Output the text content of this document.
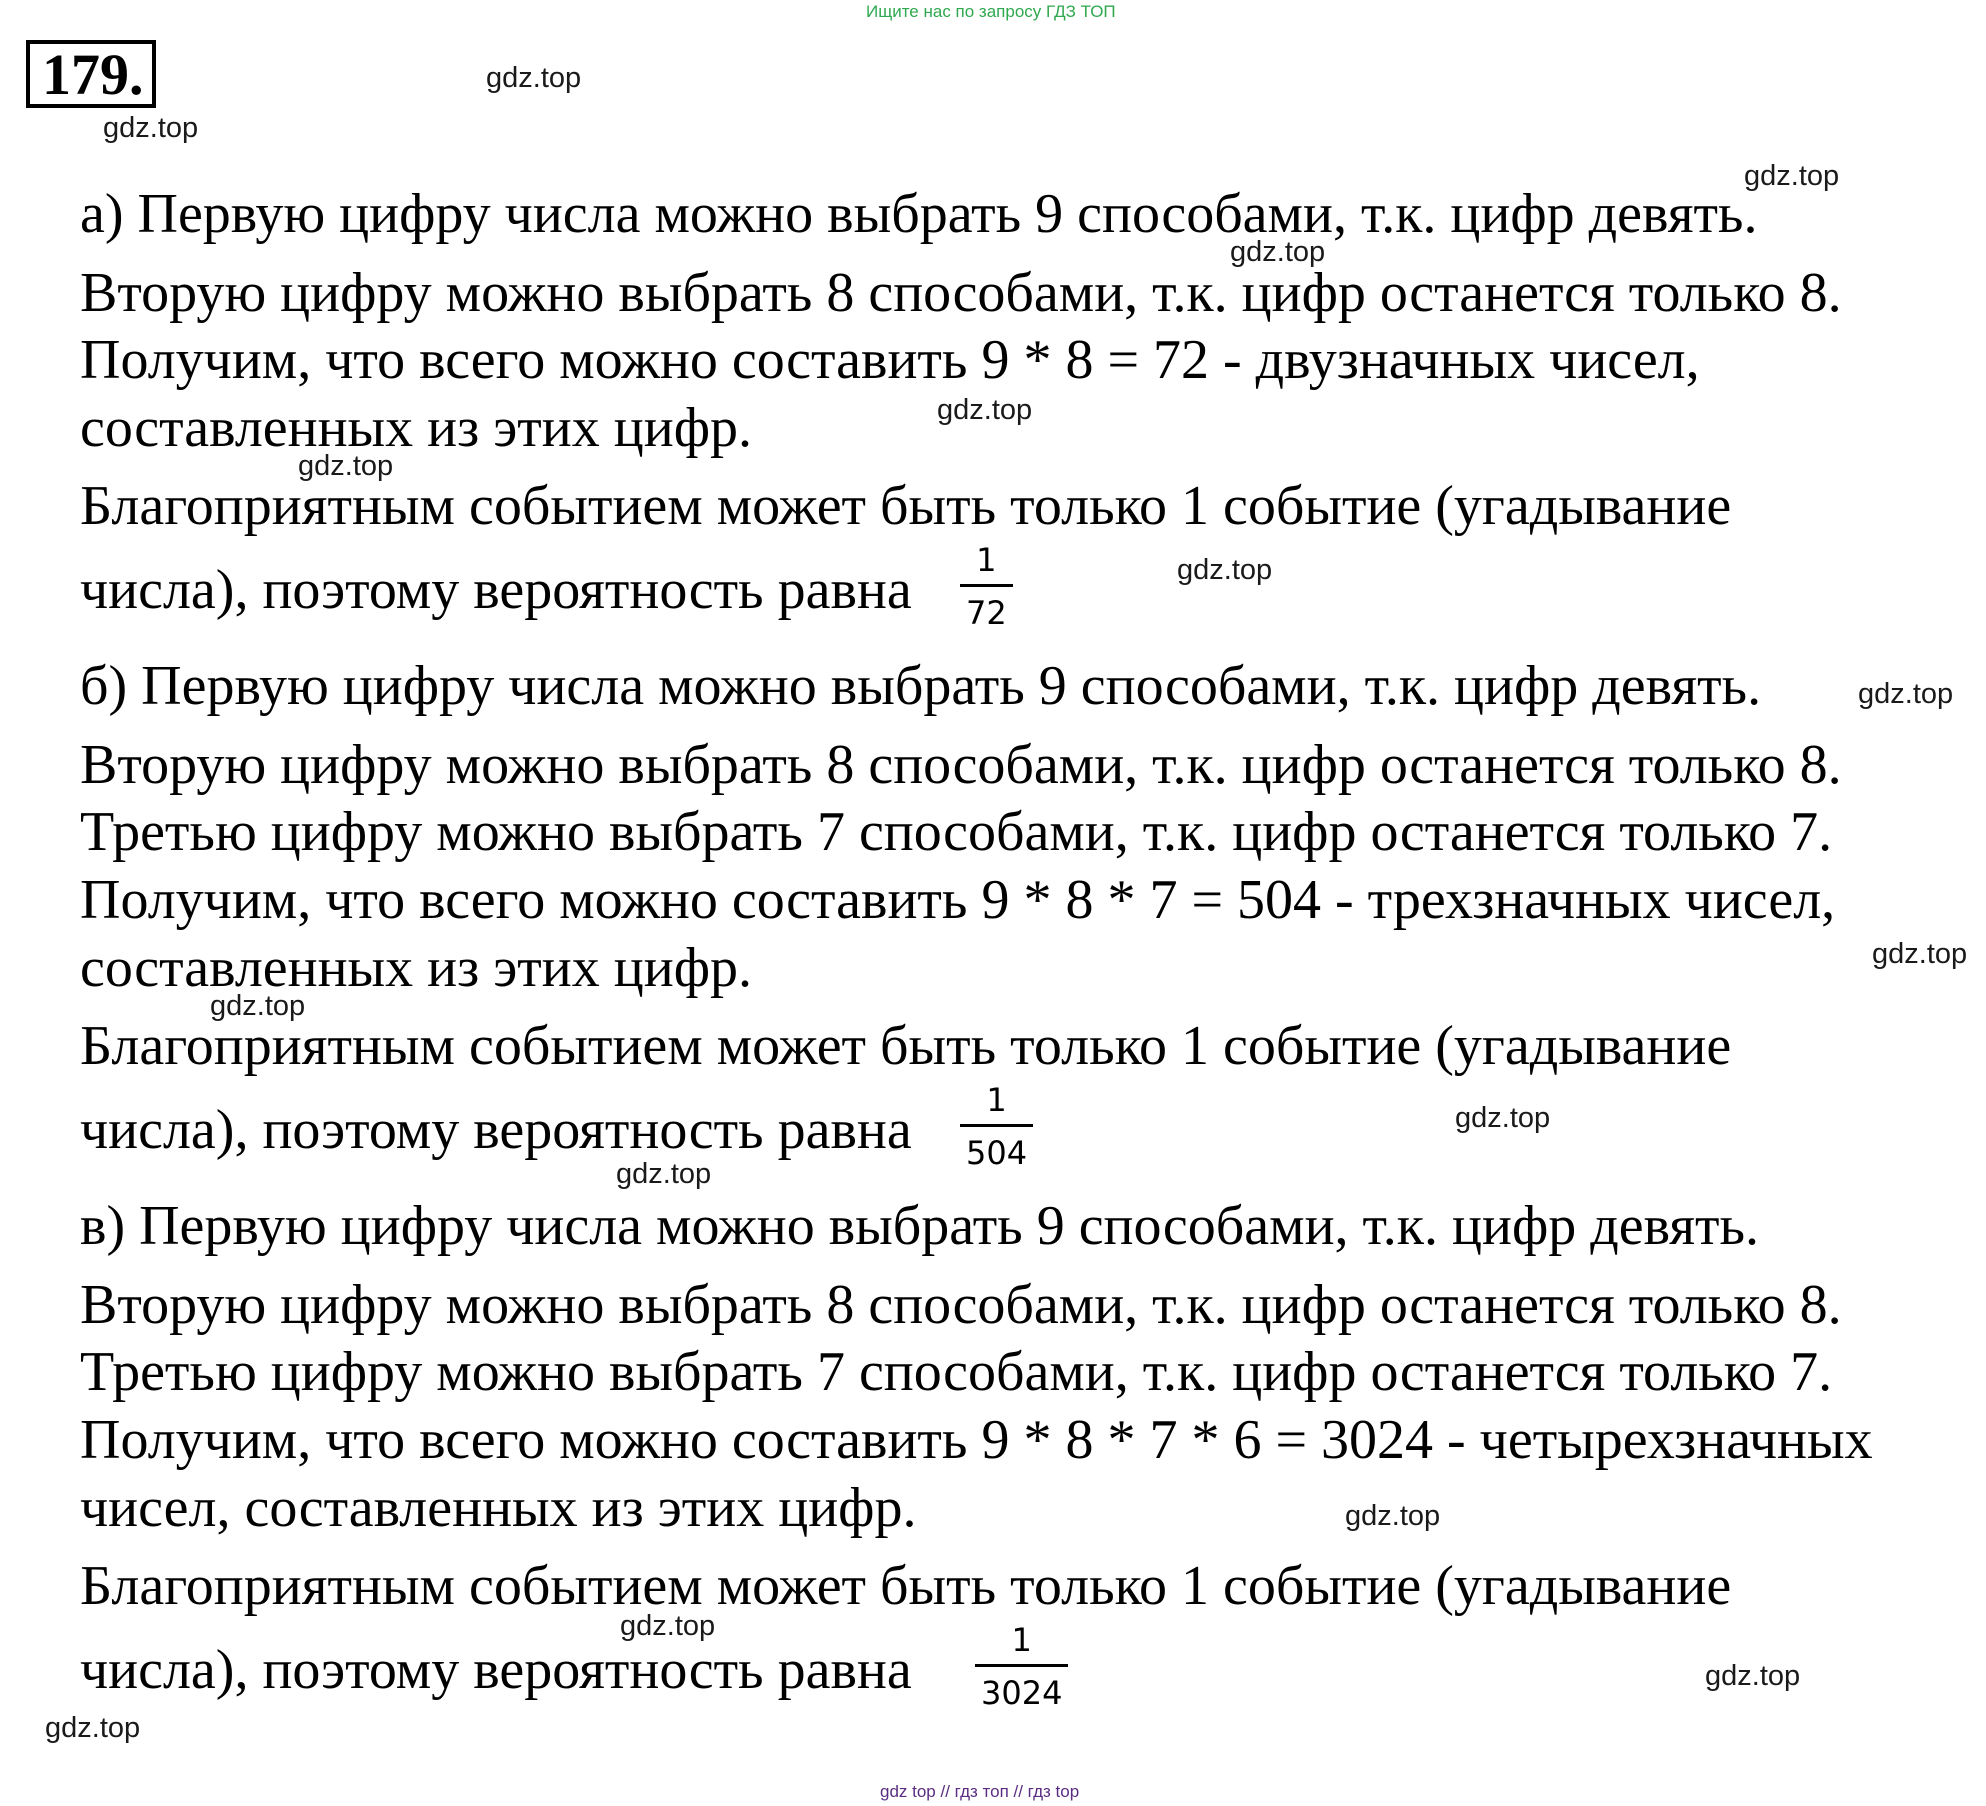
Ищите нас по запросу ГДЗ ТОП
179.	gdz.top
gdz.top
gdz.top
gdz.top
gdz.top
gdz.top
gdz.top
gdz.top
gdz.top
gdz.top
gdz.top
gdz.top
gdz.top
gdz.top
gdz.top
gdz.top
а) Первую цифру числа можно выбрать 9 способами, т.к. цифр девять.
Вторую цифру можно выбрать 8 способами, т.к. цифр останется только 8.
Получим, что всего можно составить 9 * 8 = 72 - двузначных чисел,
составленных из этих цифр.
Благоприятным событием может быть только 1 событие (угадывание
числа), поэтому вероятность равна $\frac{1}{72}$
б) Первую цифру числа можно выбрать 9 способами, т.к. цифр девять.
Вторую цифру можно выбрать 8 способами, т.к. цифр останется только 8.
Третью цифру можно выбрать 7 способами, т.к. цифр останется только 7.
Получим, что всего можно составить 9 * 8 * 7 = 504 - трехзначных чисел,
составленных из этих цифр.
Благоприятным событием может быть только 1 событие (угадывание
числа), поэтому вероятность равна $\frac{1}{504}$
в) Первую цифру числа можно выбрать 9 способами, т.к. цифр девять.
Вторую цифру можно выбрать 8 способами, т.к. цифр останется только 8.
Третью цифру можно выбрать 7 способами, т.к. цифр останется только 7.
Получим, что всего можно составить 9 * 8 * 7 * 6 = 3024 - четырехзначных
чисел, составленных из этих цифр.
Благоприятным событием может быть только 1 событие (угадывание
числа), поэтому вероятность равна $\frac{1}{3024}$
gdz top // гдз топ // гдз top
